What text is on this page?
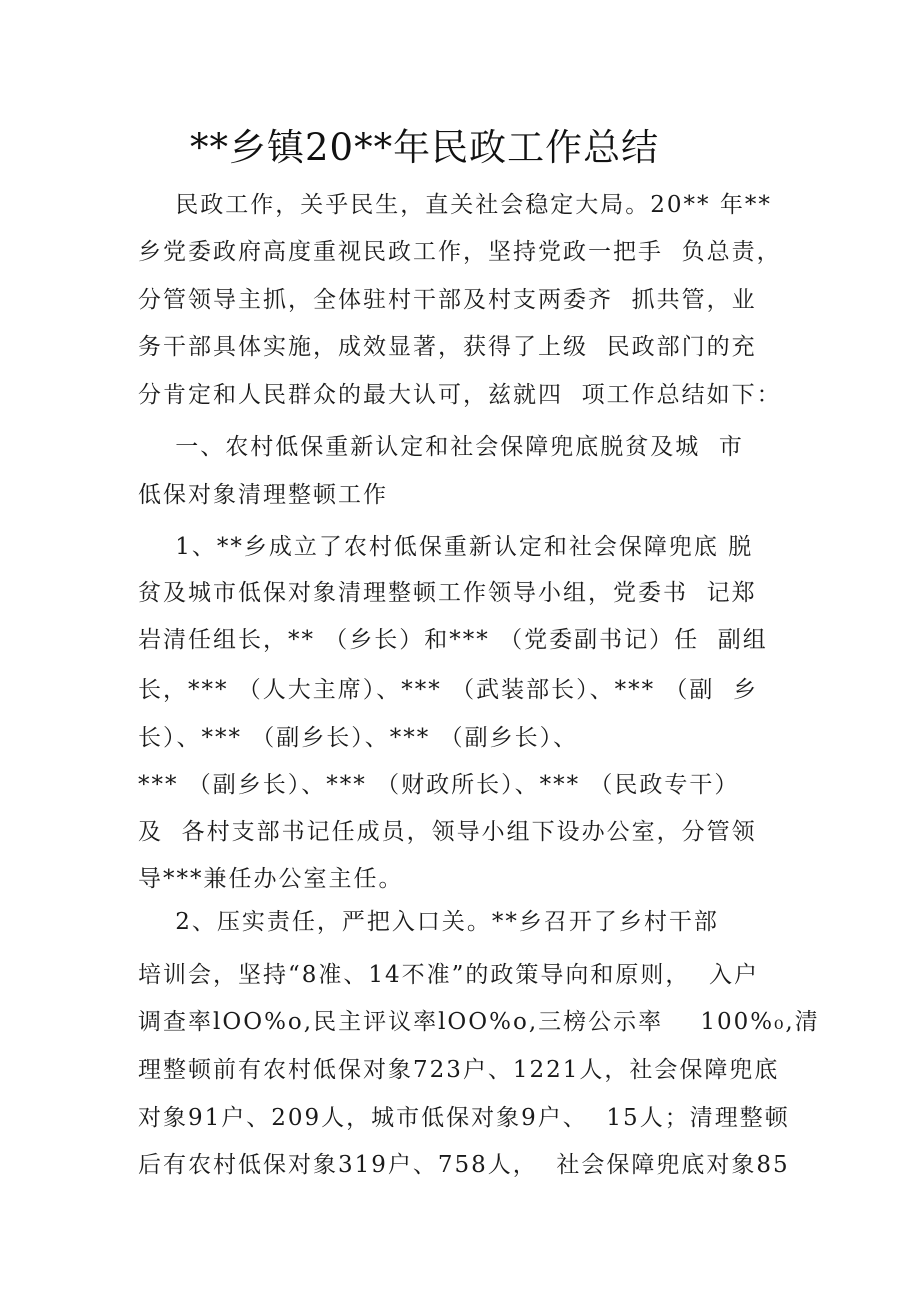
**乡镇20**年民政工作总结
民政工作，关乎民生，直关社会稳定大局。20** 年**
乡党委政府高度重视民政工作，坚持党政一把手  负总责，
分管领导主抓，全体驻村干部及村支两委齐  抓共管，业
务干部具体实施，成效显著，获得了上级  民政部门的充
分肯定和人民群众的最大认可，兹就四  项工作总结如下：
一、农村低保重新认定和社会保障兜底脱贫及城  市
低保对象清理整顿工作
1、**乡成立了农村低保重新认定和社会保障兜底 脱
贫及城市低保对象清理整顿工作领导小组，党委书  记郑
岩清任组长，** （乡长）和*** （党委副书记）任  副组
长，*** （人大主席）、*** （武装部长）、*** （副  乡
长）、*** （副乡长）、*** （副乡长）、
*** （副乡长）、*** （财政所长）、*** （民政专干）
及  各村支部书记任成员，领导小组下设办公室，分管领
导***兼任办公室主任。
2、压实责任，严把入口关。**乡召开了乡村干部
培训会，坚持“8准、14不准”的政策导向和原则，  入户
调查率lOO%o,民主评议率lOO%o,三榜公示率    100%₀,清
理整顿前有农村低保对象723户、1221人，社会保障兜底
对象91户、209人，城市低保对象9户、  15人；清理整顿
后有农村低保对象319户、758人，  社会保障兜底对象85
